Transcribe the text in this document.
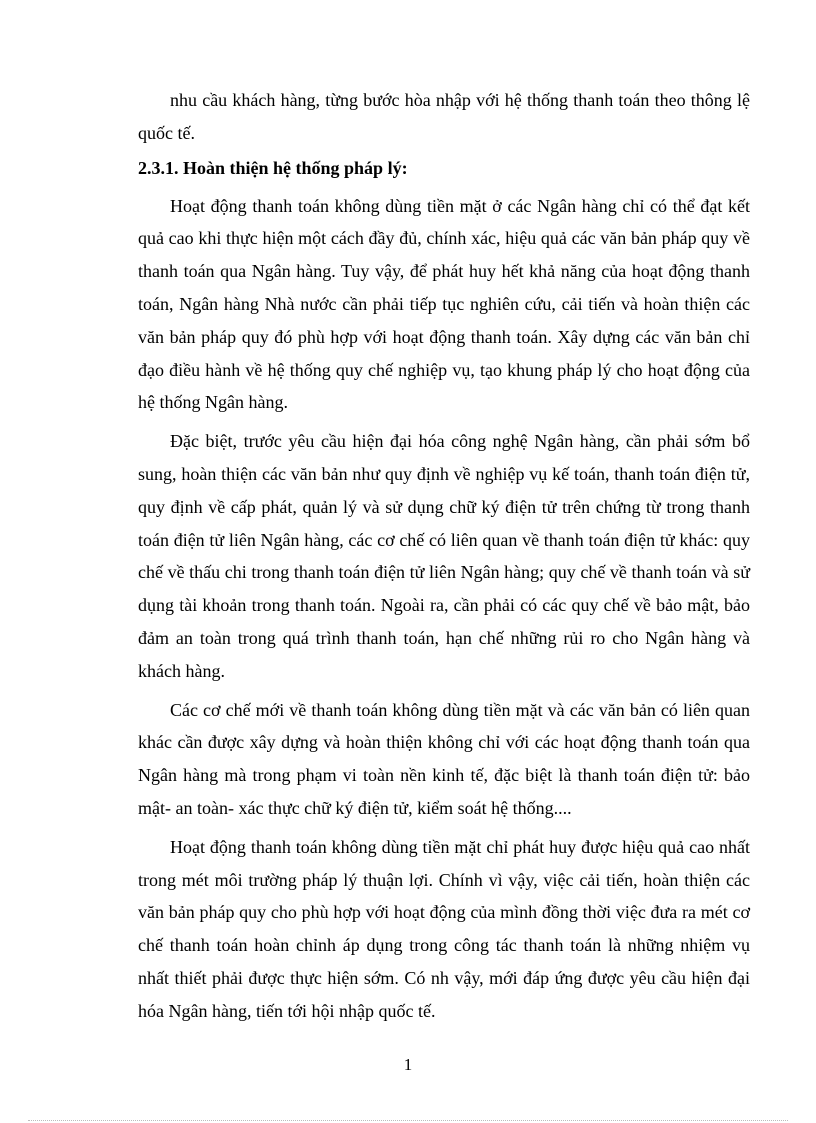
nhu cầu khách hàng, từng bước hòa nhập với hệ thống thanh toán theo thông lệ quốc tế.

2.3.1. Hoàn thiện hệ thống pháp lý:

Hoạt động thanh toán không dùng tiền mặt ở các Ngân hàng chỉ có thể đạt kết quả cao khi thực hiện một cách đầy đủ, chính xác, hiệu quả các văn bản pháp quy về thanh toán qua Ngân hàng. Tuy vậy, để phát huy hết khả năng của hoạt động thanh toán, Ngân hàng Nhà nước cần phải tiếp tục nghiên cứu, cải tiến và hoàn thiện các văn bản pháp quy đó phù hợp với hoạt động thanh toán. Xây dựng các văn bản chỉ đạo điều hành về hệ thống quy chế nghiệp vụ, tạo khung pháp lý cho hoạt động của hệ thống Ngân hàng.

Đặc biệt, trước yêu cầu hiện đại hóa công nghệ Ngân hàng, cần phải sớm bổ sung, hoàn thiện các văn bản như quy định về nghiệp vụ kế toán, thanh toán điện tử, quy định về cấp phát, quản lý và sử dụng chữ ký điện tử trên chứng từ trong thanh toán điện tử liên Ngân hàng, các cơ chế có liên quan về thanh toán điện tử khác: quy chế về thấu chi trong thanh toán điện tử liên Ngân hàng; quy chế về thanh toán và sử dụng tài khoản trong thanh toán. Ngoài ra, cần phải có các quy chế về bảo mật, bảo đảm an toàn trong quá trình thanh toán, hạn chế những rủi ro cho Ngân hàng và khách hàng.

Các cơ chế mới về thanh toán không dùng tiền mặt và các văn bản có liên quan khác cần được xây dựng và hoàn thiện không chỉ với các hoạt động thanh toán qua Ngân hàng mà trong phạm vi toàn nền kinh tế, đặc biệt là thanh toán điện tử: bảo mật- an toàn- xác thực chữ ký điện tử, kiểm soát hệ thống....

Hoạt động thanh toán không dùng tiền mặt chỉ phát huy được hiệu quả cao nhất trong mét môi trường pháp lý thuận lợi. Chính vì vậy, việc cải tiến, hoàn thiện các văn bản pháp quy cho phù hợp với hoạt động của mình đồng thời việc đưa ra mét cơ chế thanh toán hoàn chỉnh áp dụng trong công tác thanh toán là những nhiệm vụ nhất thiết phải được thực hiện sớm. Có nh vậy, mới đáp ứng được yêu cầu hiện đại hóa Ngân hàng, tiến tới hội nhập quốc tế.

1
